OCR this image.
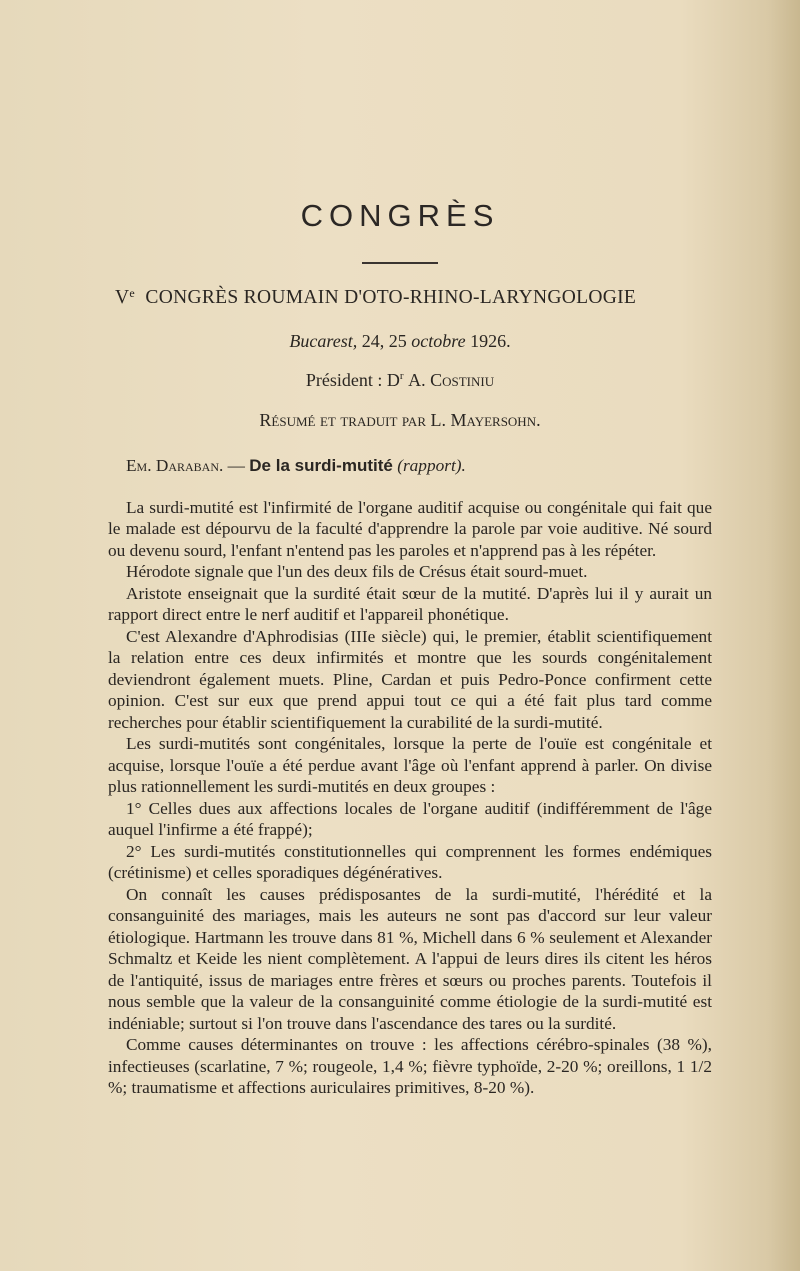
CONGRÈS
Ve CONGRÈS ROUMAIN D'OTO-RHINO-LARYNGOLOGIE
Bucarest, 24, 25 octobre 1926.
Président : $D^r$ A. Costiniu
Résumé et traduit par L. Mayersohn.

Em. Daraban. — De la surdi-mutité (rapport).

La surdi-mutité est l'infirmité de l'organe auditif acquise ou congénitale qui fait que le malade est dépourvu de la faculté d'apprendre la parole par voie auditive. Né sourd ou devenu sourd, l'enfant n'entend pas les paroles et n'apprend pas à les répéter.

Hérodote signale que l'un des deux fils de Crésus était sourd-muet.

Aristote enseignait que la surdité était sœur de la mutité. D'après lui il y aurait un rapport direct entre le nerf auditif et l'appareil phonétique.

C'est Alexandre d'Aphrodisias (IIIe siècle) qui, le premier, établit scientifiquement la relation entre ces deux infirmités et montre que les sourds congénitalement deviendront également muets. Pline, Cardan et puis Pedro-Ponce confirment cette opinion. C'est sur eux que prend appui tout ce qui a été fait plus tard comme recherches pour établir scientifiquement la curabilité de la surdi-mutité.

Les surdi-mutités sont congénitales, lorsque la perte de l'ouïe est congénitale et acquise, lorsque l'ouïe a été perdue avant l'âge où l'enfant apprend à parler. On divise plus rationnellement les surdi-mutités en deux groupes :

1° Celles dues aux affections locales de l'organe auditif (indifféremment de l'âge auquel l'infirme a été frappé);

2° Les surdi-mutités constitutionnelles qui comprennent les formes endémiques (crétinisme) et celles sporadiques dégénératives.

On connaît les causes prédisposantes de la surdi-mutité, l'hérédité et la consanguinité des mariages, mais les auteurs ne sont pas d'accord sur leur valeur étiologique. Hartmann les trouve dans 81 %, Michell dans 6 % seulement et Alexander Schmaltz et Keide les nient complètement. A l'appui de leurs dires ils citent les héros de l'antiquité, issus de mariages entre frères et sœurs ou proches parents. Toutefois il nous semble que la valeur de la consanguinité comme étiologie de la surdi-mutité est indéniable; surtout si l'on trouve dans l'ascendance des tares ou la surdité.

Comme causes déterminantes on trouve : les affections cérébro-spinales (38 %), infectieuses (scarlatine, 7 %; rougeole, 1,4 %; fièvre typhoïde, 2-20 %; oreillons, 1 1/2 %; traumatisme et affections auriculaires primitives, 8-20 %).
